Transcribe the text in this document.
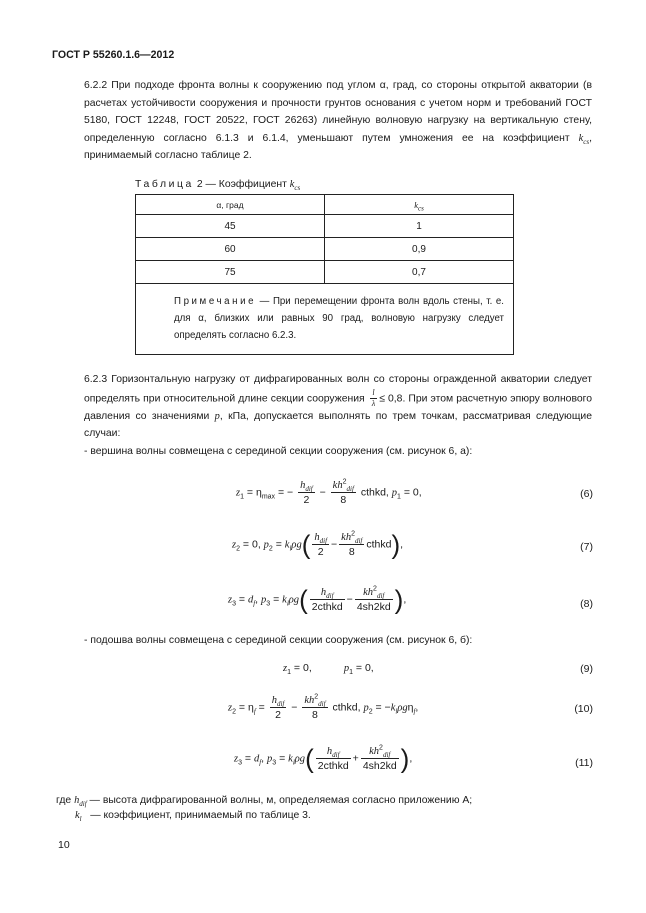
ГОСТ Р 55260.1.6—2012
6.2.2 При подходе фронта волны к сооружению под углом α, град, со стороны открытой акватории (в расчетах устойчивости сооружения и прочности грунтов основания с учетом норм и требований ГОСТ 5180, ГОСТ 12248, ГОСТ 20522, ГОСТ 26263) линейную волновую нагрузку на вертикальную стену, определенную согласно 6.1.3 и 6.1.4, уменьшают путем умножения ее на коэффициент $k_{cs}$, принимаемый согласно таблице 2.
Таблица 2 — Коэффициент $k_{cs}$
α, град	$k_{cs}$
45	1
60	0,9
75	0,7

Примечание — При перемещении фронта волн вдоль стены, т. е. для α, близких или равных 90 град, волновую нагрузку следует определять согласно 6.2.3.	
6.2.3 Горизонтальную нагрузку от дифрагированных волн со стороны огражденной акватории следует определять при относительной длине секции сооружения $\frac{l}{\lambda} \le 0,8$. При этом расчетную эпюру волнового давления со значениями p, кПа, допускается выполнять по трем точкам, рассматривая следующие случаи:
- вершина волны совмещена с серединой секции сооружения (см. рисунок 6, а):
$z_1 = \eta_{max}$ = −
$h_{dif}$
2
−
$kh^2_{dif}$
8
cthkd, $p_1 = 0$,	(6)
$z_2 = 0$, $p_2 = k_l\rho g$( $h_{dif}$
2
−
$kh^2_{dif}$
8
cthkd),	(7)
$z_3 = d_f$, $p_3 = k_l\rho g$(	$h_{dif}$
2cthkd
−
$kh^2_{dif}$
4sh2kd ),	(8)
- подошва волны совмещена с серединой секции сооружения (см. рисунок 6, б):
$z_1 = 0$,           $p_1 = 0$,	(9)
$z_2 = \eta_f$ =
$h_{dif}$
2
−
$kh^2_{dif}$
8
cthkd, $p_2 = -k_l\rho g\eta_f$,	(10)
$z_3 = d_f$, $p_3 = k_l\rho g$(	$h_{dif}$
2cthkd
+
$kh^2_{dif}$
4sh2kd ),	(11)
где $h_{dif}$ — высота дифрагированной волны, м, определяемая согласно приложению А;
$k_l$   — коэффициент, принимаемый по таблице 3.
10
